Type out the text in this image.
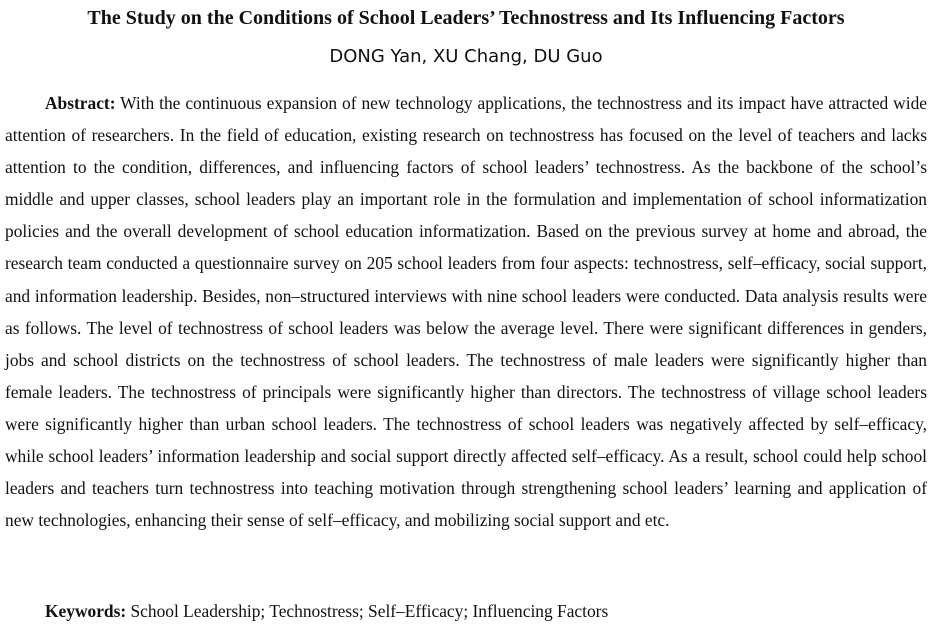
The Study on the Conditions of School Leaders’ Technostress and Its Influencing Factors
DONG Yan, XU Chang, DU Guo

Abstract: With the continuous expansion of new technology applications, the technostress and its impact have attracted wide attention of researchers. In the field of education, existing research on technostress has focused on the level of teachers and lacks attention to the condition, differences, and influencing factors of school leaders’ technostress. As the backbone of the school’s middle and upper classes, school leaders play an important role in the formulation and implementation of school informatization policies and the overall development of school education informatization. Based on the previous survey at home and abroad, the research team conducted a questionnaire survey on 205 school leaders from four aspects: technostress, self–efficacy, social support, and information leadership. Besides, non–structured interviews with nine school leaders were conducted. Data analysis results were as follows. The level of technostress of school leaders was below the average level. There were significant differences in genders, jobs and school districts on the technostress of school leaders. The technostress of male leaders were significantly higher than female leaders. The technostress of principals were significantly higher than directors. The technostress of village school leaders were significantly higher than urban school leaders. The technostress of school leaders was negatively affected by self–efficacy, while school leaders’ information leadership and social support directly affected self–efficacy. As a result, school could help school leaders and teachers turn technostress into teaching motivation through strengthening school leaders’ learning and application of new technologies, enhancing their sense of self–efficacy, and mobilizing social support and etc.

Keywords: School Leadership; Technostress; Self–Efficacy; Influencing Factors
